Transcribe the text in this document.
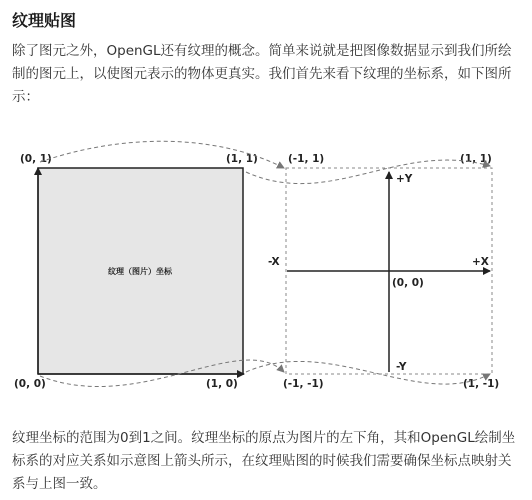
纹理贴图
除了图元之外，OpenGL还有纹理的概念。简单来说就是把图像数据显示到我们所绘制的图元上，以使图元表示的物体更真实。我们首先来看下纹理的坐标系，如下图所示：
纹理（图片）坐标
(0, 1)	(1, 1)
(0, 0)	(1, 0)
+Y
-Y
+X
-X
(0, 0)
(-1, 1)	(1, 1)
(-1, -1)	(1, -1)
纹理坐标的范围为0到1之间。纹理坐标的原点为图片的左下角，其和OpenGL绘制坐标系的对应关系如示意图上箭头所示，在纹理贴图的时候我们需要确保坐标点映射关系与上图一致。
